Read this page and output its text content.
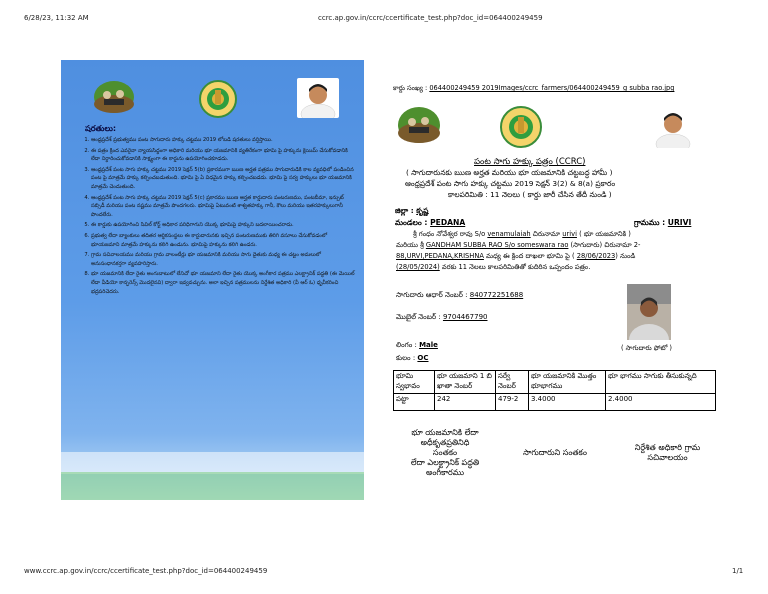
6/28/23, 11:32 AM	ccrc.ap.gov.in/ccrc/ccertificate_test.php?doc_id=064400249459
షరతులు:
1. ఆంధ్రప్రదేశ్ ప్రభుత్వము పంట సాగుదారు హక్కు చట్టము 2019 లోబడి షరతులు వర్తిస్తాయి.
2. ఈ పత్రం క్రింద ఎవరైనా న్యాయసిద్ధంగా అధికారి మరియు భూ యజమానికి వ్యతిరేకంగా భూమి పై హక్కును క్లెయిమ్ చేసుకోవడానికి లేదా నిర్ధారించుకోవడానికి సాక్ష్యంగా ఈ కార్డును ఉపయోగించకూడదు.
3. ఆంధ్రప్రదేశ్ పంట సాగు హక్కు చట్టము 2019 సెక్షన్ 5(b) ప్రకారముగా ఋణ అర్హత పత్రము సాగుదారుడికి కాల వ్యవధిలో పండించిన పంట పై మాత్రమే హక్కు కల్పించబడుతుంది. భూమి పై ఏ విధమైన హక్కు కల్పించబడదు. భూమి పై సర్వ హక్కులు భూ యజమానికి మాత్రమే చెందుతుంది.
4. ఆంధ్రప్రదేశ్ పంట సాగు హక్కు చట్టము 2019 సెక్షన్ 5(c) ప్రకారము ఋణ అర్హత కార్డుదారు పంటరుణము, పంటబీమా, ఇన్పుట్ సబ్సిడీ మరియు పంట నష్టము మాత్రమే పొందగలరు. భూమిపై ఏటువంటి శాశ్వతహక్కు గానీ, కౌలు మరియు ఇతరహక్కులుగానీ పొందలేరు.
5. ఈ కార్డుకు ఉపయోగించి సివిల్ కోర్ట్ అధికార పరిధిగాగుని యొక్క భూమిపై హక్కుని బదలాయించరాదు.
6. ప్రభుత్వ లేదా బ్యాంకులు తదితర ఆర్థికసంస్థలు ఈ కార్డుదారునకు ఇచ్చిన పంటరుణముకు తిరిగి వసూలు చేసుకోవడంలో భూయజమాని మాత్రమే హక్కును కలిగి ఉండును. భూమిపై హక్కును కలిగి ఉండరు.
7. గ్రామ సచివాలయము మరియు గ్రామ వాలంటీర్లు భూ యజమానికి మరియు సాగు దైతుకు మధ్య ఈ చట్టం అమలులో అనుసంధానకర్తగా వ్యవహరిస్తారు.
8. భూ యజమానికి లేదా రైతు అంగుబాటులో లేనిచో భూ యజమాని లేదా రైతు యొక్క అంగీకార పత్రము ఎలక్ట్రానిక్ పద్ధతి (ఈ మెయిల్ లేదా వీడియో కాన్ఫరెన్స్ మొదలైనవి) ద్వారా ఇవ్వవచ్చును. అలా ఇచ్చిన పత్రములను నిర్దేశిత అధికారి (వీ ఆర్ ఓ) ధృవీకరించి భద్రపరిచెదరు.
కార్డు సంఖ్య : 064400249459 2019Images/ccrc_farmers/064400249459_g subba rao.jpg
పంట సాగు హక్కు పత్రం (CCRC)
( సాగుదారునకు ఋణ అర్హత మరియు భూ యజమానికి చట్టబద్ధ హామీ )
ఆంధ్రప్రదేశ్ పంట సాగు హక్కు చట్టము 2019 సెక్షన్ 3(2) & 8(a) ప్రకారం
కాలపరిమితి : 11 నెలలు ( కార్డు జారీ చేసిన తేదీ నుండి )
జిల్లా : కృష్ణ
మండలం : PEDANA	గ్రామము : URIVI
శ్రీ గంధం నోవేశ్వర రావు S/o venamulaiah చిరునామా urivi ( భూ యజమానికి )
మరియు శ్రీ GANDHAM SUBBA RAO S/o someswara rao (సాగుదారు) చిరునామా 2-
88,URVI,PEDANA,KRISHNA మధ్య ఈ క్రింద దాఖలా భూమి పై ( 28/06/2023) నుండి
(28/05/2024) వరకు 11 నెలలు కాలపరిమితితో కుదిరిన ఒప్పందం పత్రం.
సాగుదారు ఆధార్ నెంబర్ : 840772251688
మొబైల్ నెంబర్ : 9704467790
( సాగుదారు ఫోటో )
లింగం : Male
కులం : OC
భూమి స్వభావం	భూ యజమాని 1 బి ఖాతా నెంబర్	సర్వే నెంబర్	భూ యజమానికి మొత్తం భూభాగము	భూ భాగము సాగుకు తీసుకున్నది
పట్టా	242	479-2	3.4000	2.4000
భూ యజమానికి లేదా
అధీకృతప్రతినిధి
సంతకం
లేదా ఎలక్ట్రానిక్ పద్ధతి
అంగీకారము
సాగుదారుని సంతకం
నిర్దేశిత అధికారి గ్రామ
సచివాలయం
www.ccrc.ap.gov.in/ccrc/ccertificate_test.php?doc_id=064400249459	1/1
